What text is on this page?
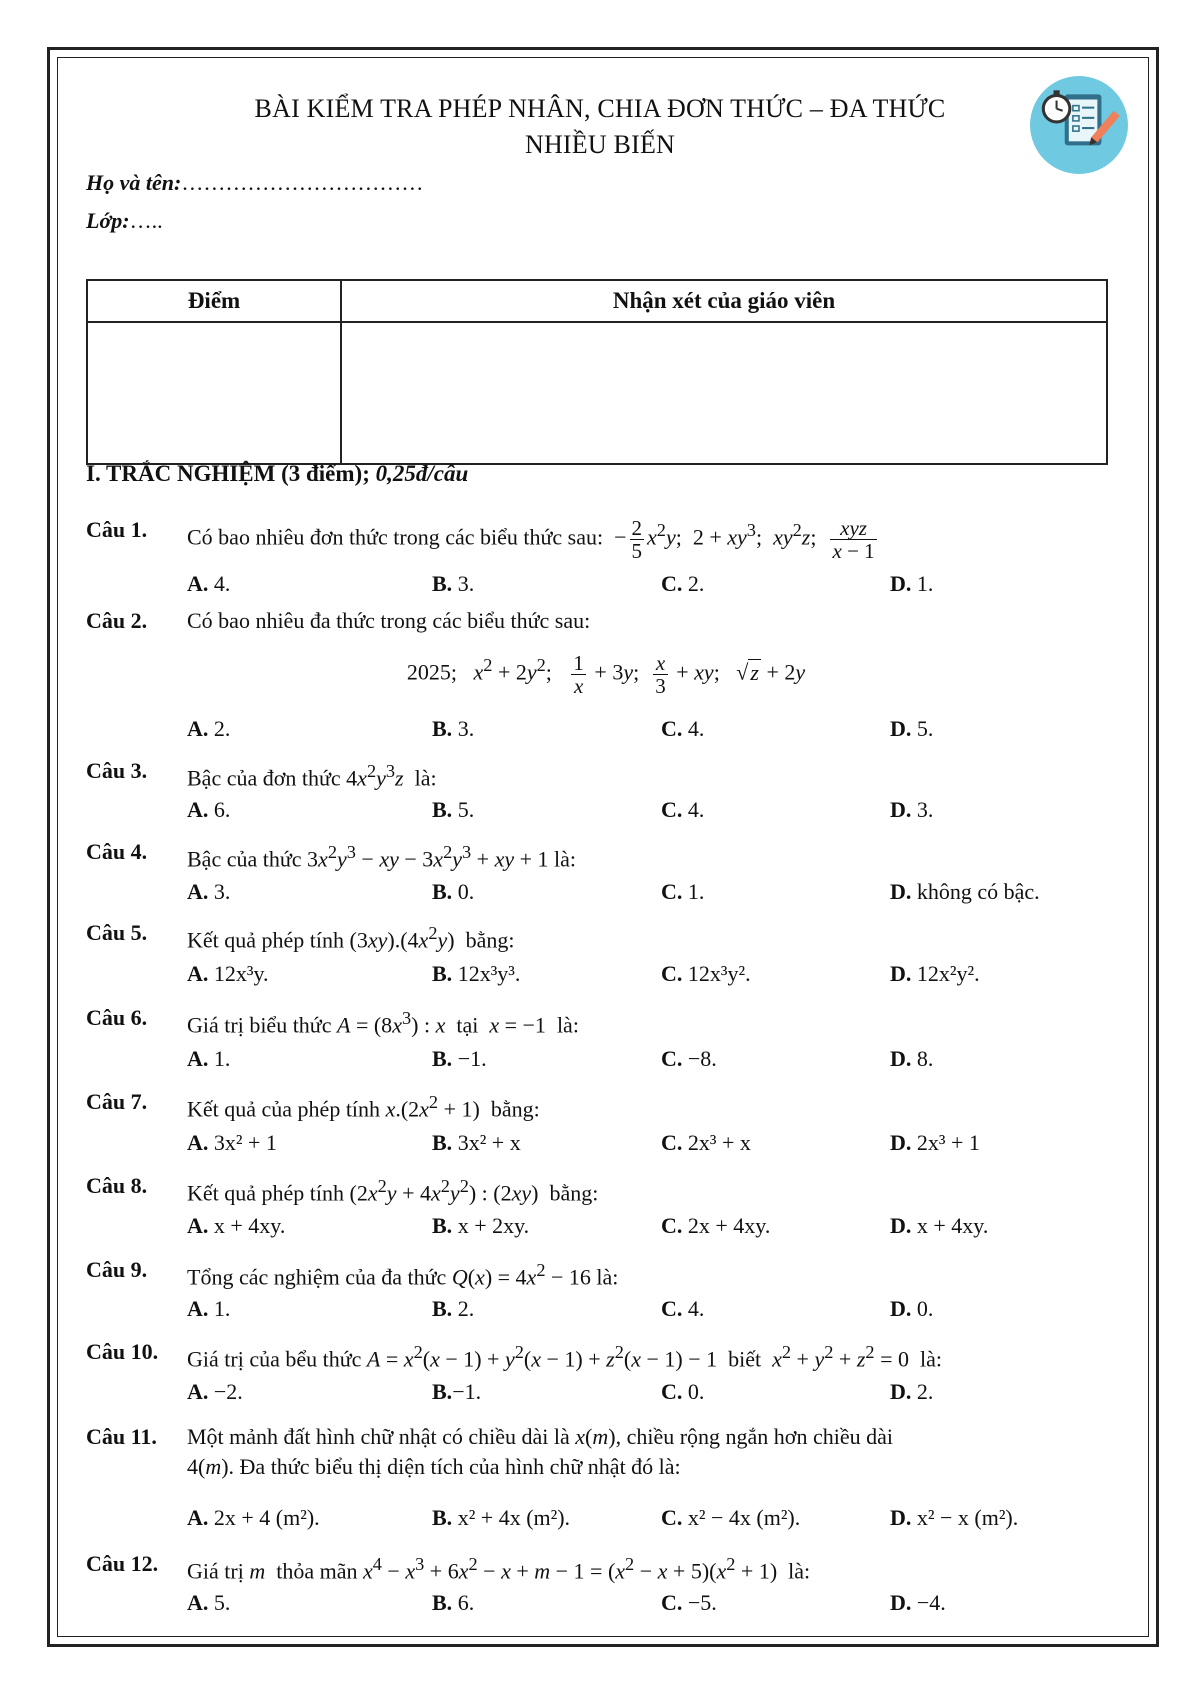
BÀI KIỂM TRA PHÉP NHÂN, CHIA ĐƠN THỨC – ĐA THỨC
NHIỀU BIẾN
Họ và tên:……………………………
Lớp:…..
Điểm	Nhận xét của giáo viên

I. TRẮC NGHIỆM (3 điểm); 0,25đ/câu
Câu 1. Có bao nhiêu đơn thức trong các biểu thức sau:  − $\frac{2}{5} x^2y$;  $2 + xy^3$;  $xy^2z$; $\frac{\text{xyz}}{x - 1}$
A. 4.	B. 3.	C. 2.	D. 1.
Câu 2. Có bao nhiêu đa thức trong các biểu thức sau:
2025;   $x^2 + 2y^2$; $\frac{1}{x} + 3y$; $\frac{x}{3}$ + xy;   √z + 2y
A. 2.	B. 3.	C. 4.	D. 5.
Câu 3. Bậc của đơn thức $4x^2y^3z$ là:
A. 6.	B. 5.	C. 4.	D. 3.
Câu 4. Bậc của thức $3x^2y^3$ − xy − $3x^2y^3$ + xy + 1 là:
A. 3.	B. 0.	C. 1.	D. không có bậc.
Câu 5. Kết quả phép tính $(3xy).(4x^2y)$  bằng:
A. 12x³y.	B. 12x³y³.	C. 12x³y².	D. 12x²y².
Câu 6. Giá trị biểu thức $A = (8x^3)$ : x tại x = −1  là:
A. 1.	B. −1.	C. −8.	D. 8.
Câu 7. Kết quả của phép tính $x.(2x^2 + 1)$  bằng:
A. 3x² + 1	B. 3x² + x	C. 2x³ + x	D. 2x³ + 1
Câu 8. Kết quả phép tính $(2x^2y + 4x^2y^2)$ : (2xy)  bằng:
A. x + 4xy.	B. x + 2xy.	C. 2x + 4xy.	D. x + 4xy.
Câu 9. Tổng các nghiệm của đa thức $Q(x) = 4x^2 - 16$ là:
A. 1.	B. 2.	C. 4.	D. 0.
Câu 10. Giá trị của bểu thức $A = x^2(x - 1) + y^2(x - 1) + z^2(x - 1) - 1$  biết $x^2 + y^2 + z^2 = 0$  là:
A. −2.	B.−1.	C. 0.	D. 2.
Câu 11. Một mảnh đất hình chữ nhật có chiều dài là x(m), chiều rộng ngắn hơn chiều dài
4(m). Đa thức biểu thị diện tích của hình chữ nhật đó là:
A. 2x + 4 (m²).	B. x² + 4x (m²).	C. x² − 4x (m²).	D. x² − x (m²).
Câu 12. Giá trị m thỏa mãn $x^4 - x^3 + 6x^2 - x + m - 1 = (x^2 - x + 5)(x^2 + 1)$  là:
A. 5.	B. 6.	C. −5.	D. −4.
